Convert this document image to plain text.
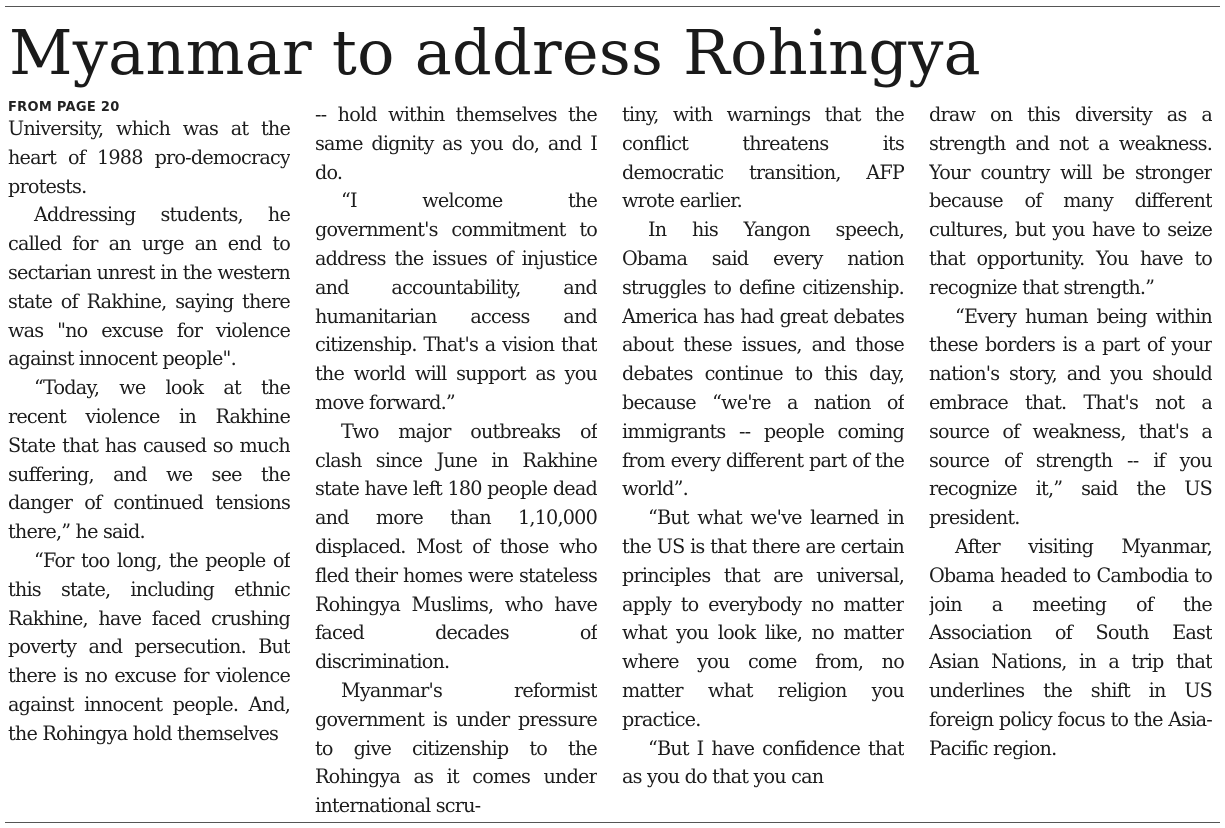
Myanmar to address Rohingya
FROM PAGE 20

University, which was at the heart of 1988 pro-democracy protests.

Addressing students, he called for an urge an end to sectarian unrest in the western state of Rakhine, saying there was "no excuse for violence against innocent people".

“Today, we look at the recent violence in Rakhine State that has caused so much suffering, and we see the danger of continued tensions there,” he said.

“For too long, the people of this state, including ethnic Rakhine, have faced crushing poverty and persecution. But there is no excuse for violence against innocent people. And, the Rohingya hold themselves

-- hold within themselves the same dignity as you do, and I do.

“I welcome the government's commitment to address the issues of injustice and accountability, and humanitarian access and citizenship. That's a vision that the world will support as you move forward.”

Two major outbreaks of clash since June in Rakhine state have left 180 people dead and more than 1,10,000 displaced. Most of those who fled their homes were stateless Rohingya Muslims, who have faced decades of discrimination.

Myanmar's reformist government is under pressure to give citizenship to the Rohingya as it comes under international scru-

tiny, with warnings that the conflict threatens its democratic transition, AFP wrote earlier.

In his Yangon speech, Obama said every nation struggles to define citizenship. America has had great debates about these issues, and those debates continue to this day, because “we're a nation of immigrants -- people coming from every different part of the world”.

“But what we've learned in the US is that there are certain principles that are universal, apply to everybody no matter what you look like, no matter where you come from, no matter what religion you practice.

“But I have confidence that as you do that you can

draw on this diversity as a strength and not a weakness. Your country will be stronger because of many different cultures, but you have to seize that opportunity. You have to recognize that strength.”

“Every human being within these borders is a part of your nation's story, and you should embrace that. That's not a source of weakness, that's a source of strength -- if you recognize it,” said the US president.

After visiting Myanmar, Obama headed to Cambodia to join a meeting of the Association of South East Asian Nations, in a trip that underlines the shift in US foreign policy focus to the Asia-Pacific region.
